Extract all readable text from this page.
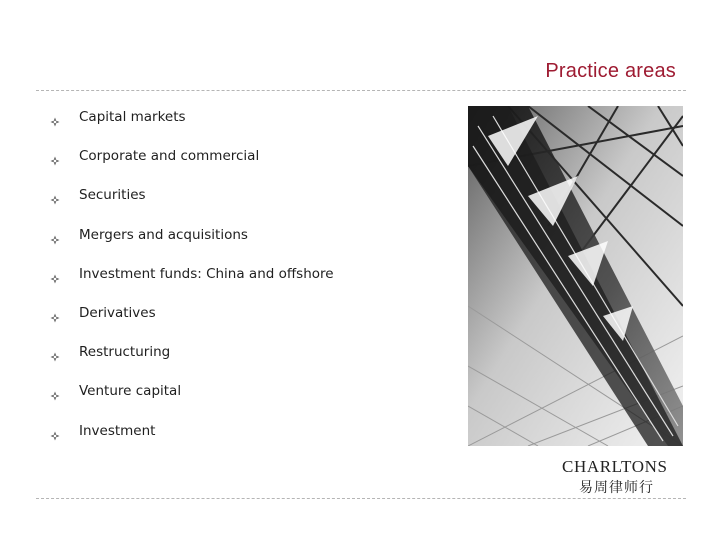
Practice areas
Capital markets
Corporate and commercial
Securities
Mergers and acquisitions
Investment funds: China and offshore
Derivatives
Restructuring
Venture capital
Investment
CHARLTONS
易周律师行
